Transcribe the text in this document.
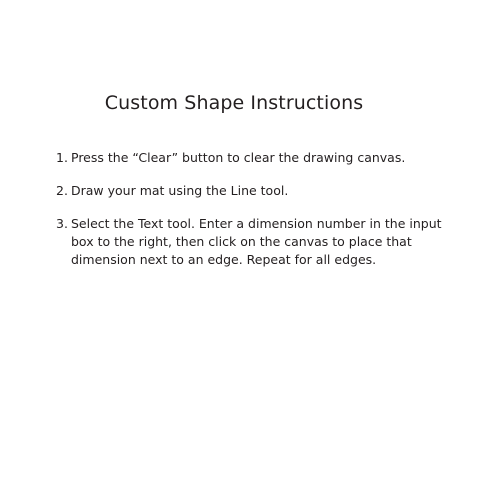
Custom Shape Instructions
1. Press the “Clear” button to clear the drawing canvas.
2. Draw your mat using the Line tool.
3. Select the Text tool. Enter a dimension number in the input box to the right, then click on the canvas to place that dimension next to an edge. Repeat for all edges.
